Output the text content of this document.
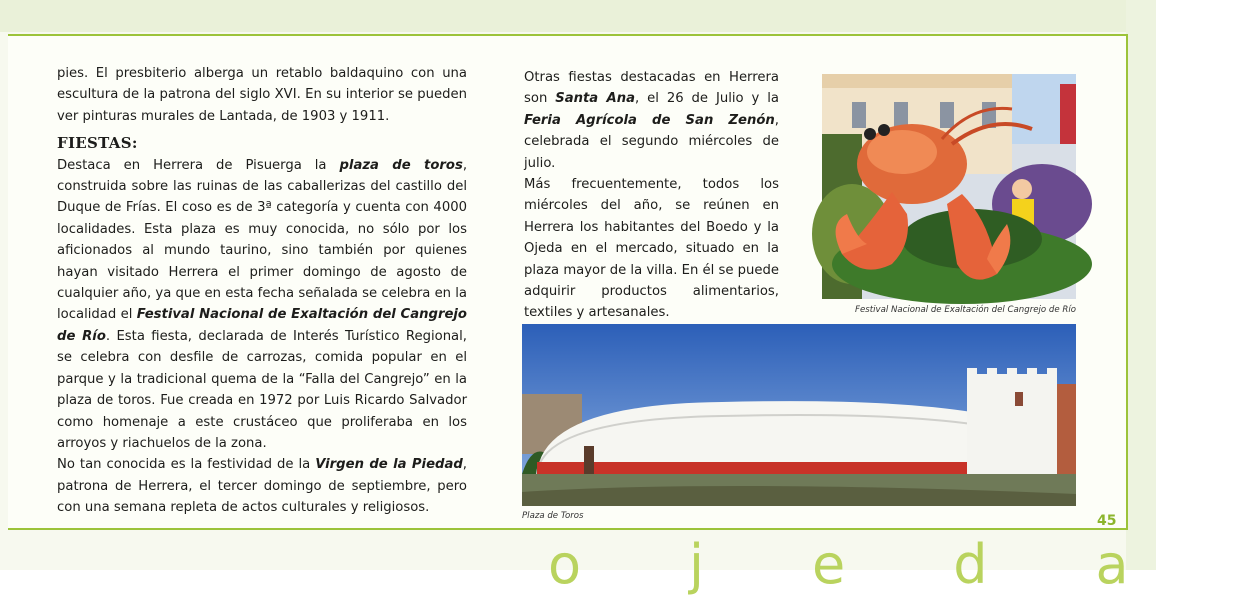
pies. El presbiterio alberga un retablo baldaquino con una escultura de la patrona del siglo XVI. En su interior se pueden ver pinturas murales de Lantada, de 1903 y 1911.

FIESTAS:

Destaca en Herrera de Pisuerga la plaza de toros, construida sobre las ruinas de las caballerizas del castillo del Duque de Frías. El coso es de 3ª categoría y cuenta con 4000 localidades. Esta plaza es muy conocida, no sólo por los aficionados al mundo taurino, sino también por quienes hayan visitado Herrera el primer domingo de agosto de cualquier año, ya que en esta fecha señalada se celebra en la localidad el Festival Nacional de Exaltación del Cangrejo de Río. Esta fiesta, declarada de Interés Turístico Regional, se celebra con desfile de carrozas, comida popular en el parque y la tradicional quema de la “Falla del Cangrejo” en la plaza de toros. Fue creada en 1972 por Luis Ricardo Salvador como homenaje a este crustáceo que proliferaba en los arroyos y riachuelos de la zona.

No tan conocida es la festividad de la Virgen de la Piedad, patrona de Herrera, el tercer domingo de septiembre, pero con una semana repleta de actos culturales y religiosos.

Otras fiestas destacadas en Herrera son Santa Ana, el 26 de Julio y la Feria Agrícola de San Zenón, celebrada el segundo miércoles de julio.

Más frecuentemente, todos los miércoles del año, se reúnen en Herrera los habitantes del Boedo y la Ojeda en el mercado, situado en la plaza mayor de la villa. En él se puede adquirir productos alimentarios, textiles y artesanales.	Festival Nacional de Exaltación del Cangrejo de Río
Plaza de Toros	45
ojeda
